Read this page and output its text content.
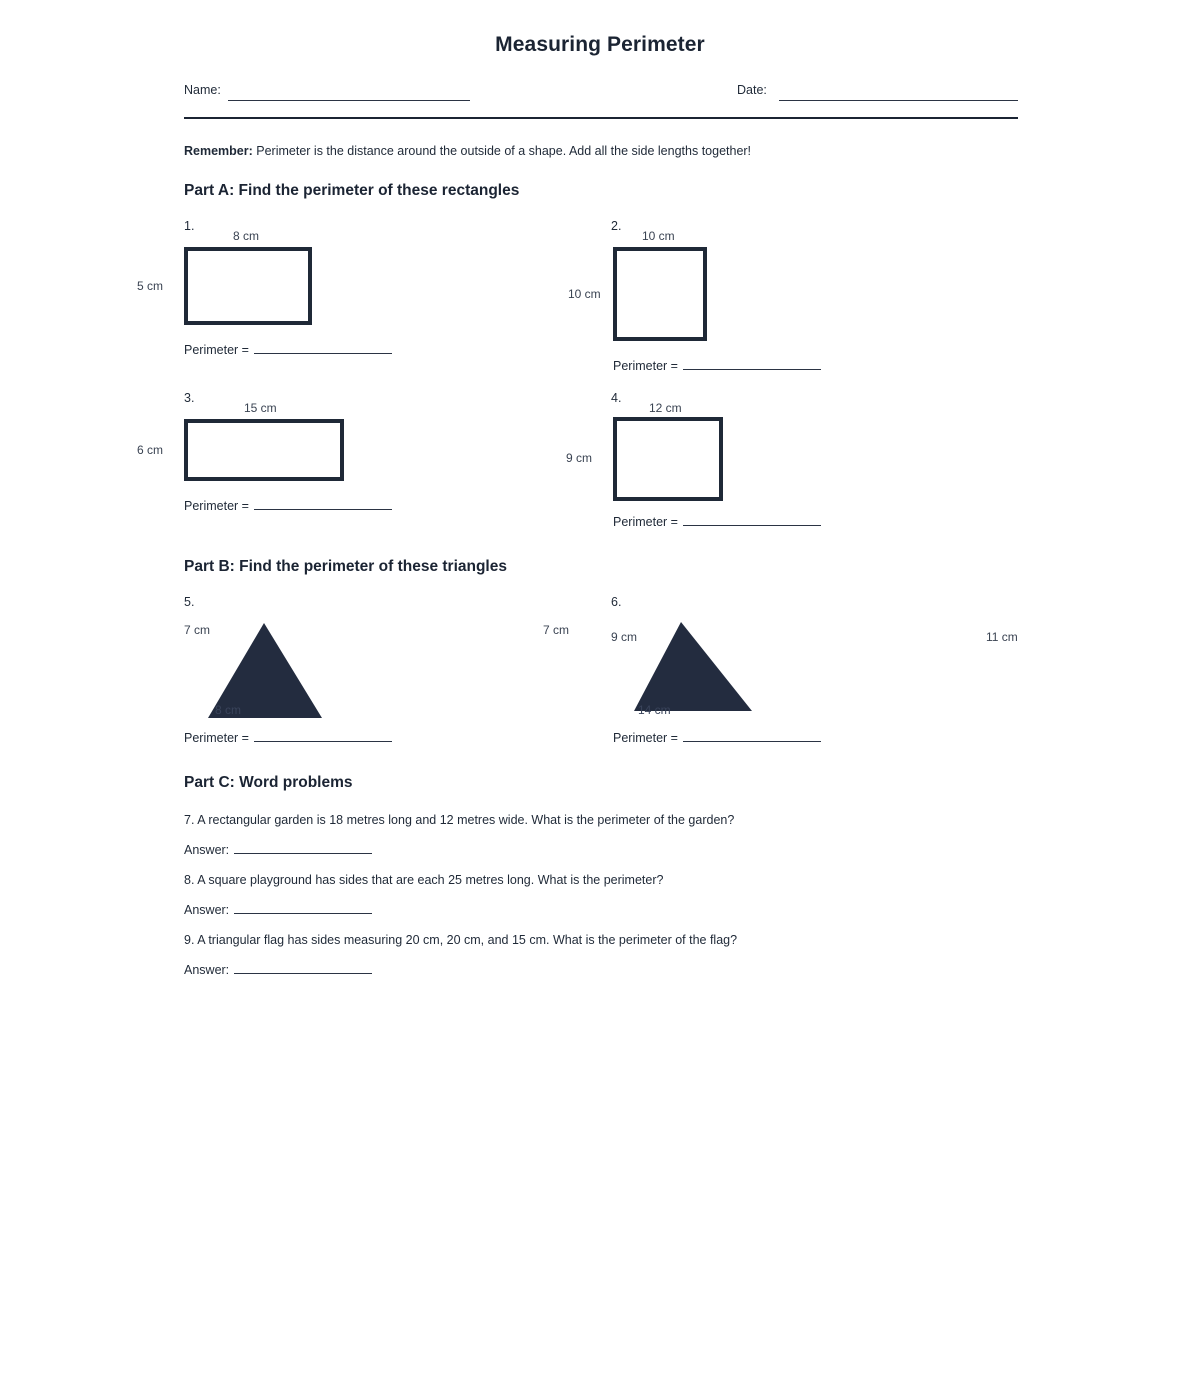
Measuring Perimeter
Name:	Date:
Remember: Perimeter is the distance around the outside of a shape. Add all the side lengths together!
Part A: Find the perimeter of these rectangles
1.
8 cm
5 cm
Perimeter =
2.
10 cm
10 cm
Perimeter =
3.
15 cm
6 cm
Perimeter =
4.
12 cm
9 cm
Perimeter =
Part B: Find the perimeter of these triangles
5.
7 cm	7 cm
8 cm
Perimeter =
6.
9 cm	11 cm
14 cm
Perimeter =
Part C: Word problems
7. A rectangular garden is 18 metres long and 12 metres wide. What is the perimeter of the garden?
Answer:
8. A square playground has sides that are each 25 metres long. What is the perimeter?
Answer:
9. A triangular flag has sides measuring 20 cm, 20 cm, and 15 cm. What is the perimeter of the flag?
Answer:
